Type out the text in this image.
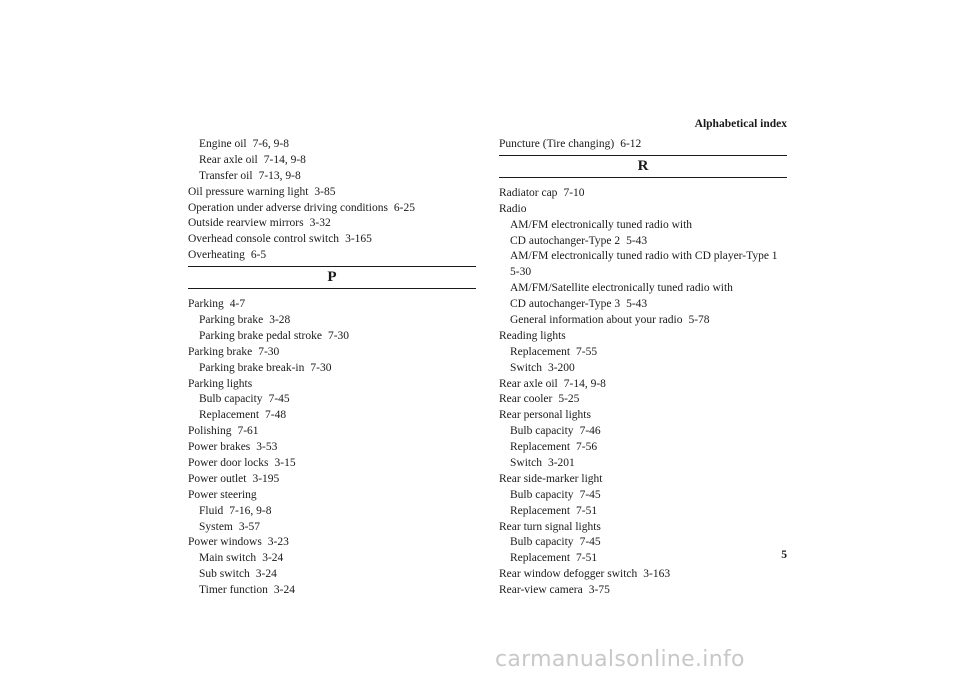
Alphabetical index
Engine oil 7-6, 9-8
Rear axle oil 7-14, 9-8
Transfer oil 7-13, 9-8
Oil pressure warning light 3-85
Operation under adverse driving conditions 6-25
Outside rearview mirrors 3-32
Overhead console control switch 3-165
Overheating 6-5
P
Parking 4-7
Parking brake 3-28
Parking brake pedal stroke 7-30
Parking brake 7-30
Parking brake break-in 7-30
Parking lights
Bulb capacity 7-45
Replacement 7-48
Polishing 7-61
Power brakes 3-53
Power door locks 3-15
Power outlet 3-195
Power steering
Fluid 7-16, 9-8
System 3-57
Power windows 3-23
Main switch 3-24
Sub switch 3-24
Timer function 3-24
Puncture (Tire changing) 6-12
R
Radiator cap 7-10
Radio
AM/FM electronically tuned radio with
CD autochanger-Type 2 5-43
AM/FM electronically tuned radio with CD player-Type 1
5-30
AM/FM/Satellite electronically tuned radio with
CD autochanger-Type 3 5-43
General information about your radio 5-78
Reading lights
Replacement 7-55
Switch 3-200
Rear axle oil 7-14, 9-8
Rear cooler 5-25
Rear personal lights
Bulb capacity 7-46
Replacement 7-56
Switch 3-201
Rear side-marker light
Bulb capacity 7-45
Replacement 7-51
Rear turn signal lights
Bulb capacity 7-45
Replacement 7-51
Rear window defogger switch 3-163
Rear-view camera 3-75
5
carmanualsonline.info
